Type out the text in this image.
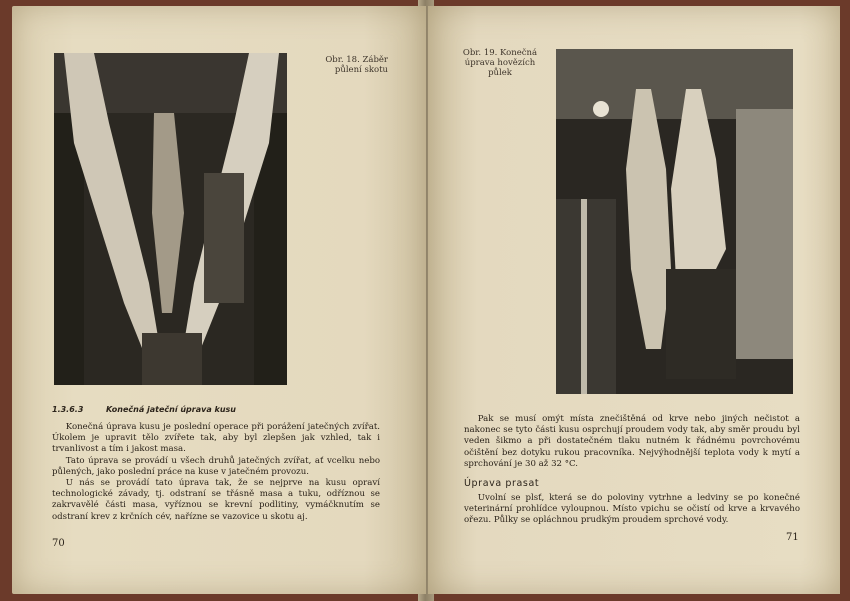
Obr. 18. Záběr půlení skotu
1.3.6.3	Konečná jateční úprava kusu

Konečná úprava kusu je poslední operace při porážení jatečných zvířat. Úkolem je upravit tělo zvířete tak, aby byl zlepšen jak vzhled, tak i trvanlivost a tím i jakost masa.

Tato úprava se provádí u všech druhů jatečných zvířat, ať vcelku nebo půlených, jako poslední práce na kuse v jatečném provozu.

U nás se provádí tato úprava tak, že se nejprve na kusu opraví technologické závady, tj. odstraní se třásně masa a tuku, odříznou se zakrvavělé části masa, vyříznou se krevní podlitiny, vymáčknutím se odstraní krev z krčních cév, nařízne se vazovice u skotu aj.

70
Obr. 19. Konečná úprava hovězích půlek

Pak se musí omýt místa znečištěná od krve nebo jiných nečistot a nakonec se tyto části kusu osprchují proudem vody tak, aby směr proudu byl veden šikmo a při dostatečném tlaku nutném k řádnému povrchovému očištění bez dotyku rukou pracovníka. Nejvýhodnější teplota vody k mytí a sprchování je 30 až 32 °C.

Úprava prasat

Uvolní se plsť, která se do poloviny vytrhne a ledviny se po konečné veterinární prohlídce vyloupnou. Místo vpichu se očistí od krve a krvavého ořezu. Půlky se opláchnou prudkým proudem sprchové vody.

71
